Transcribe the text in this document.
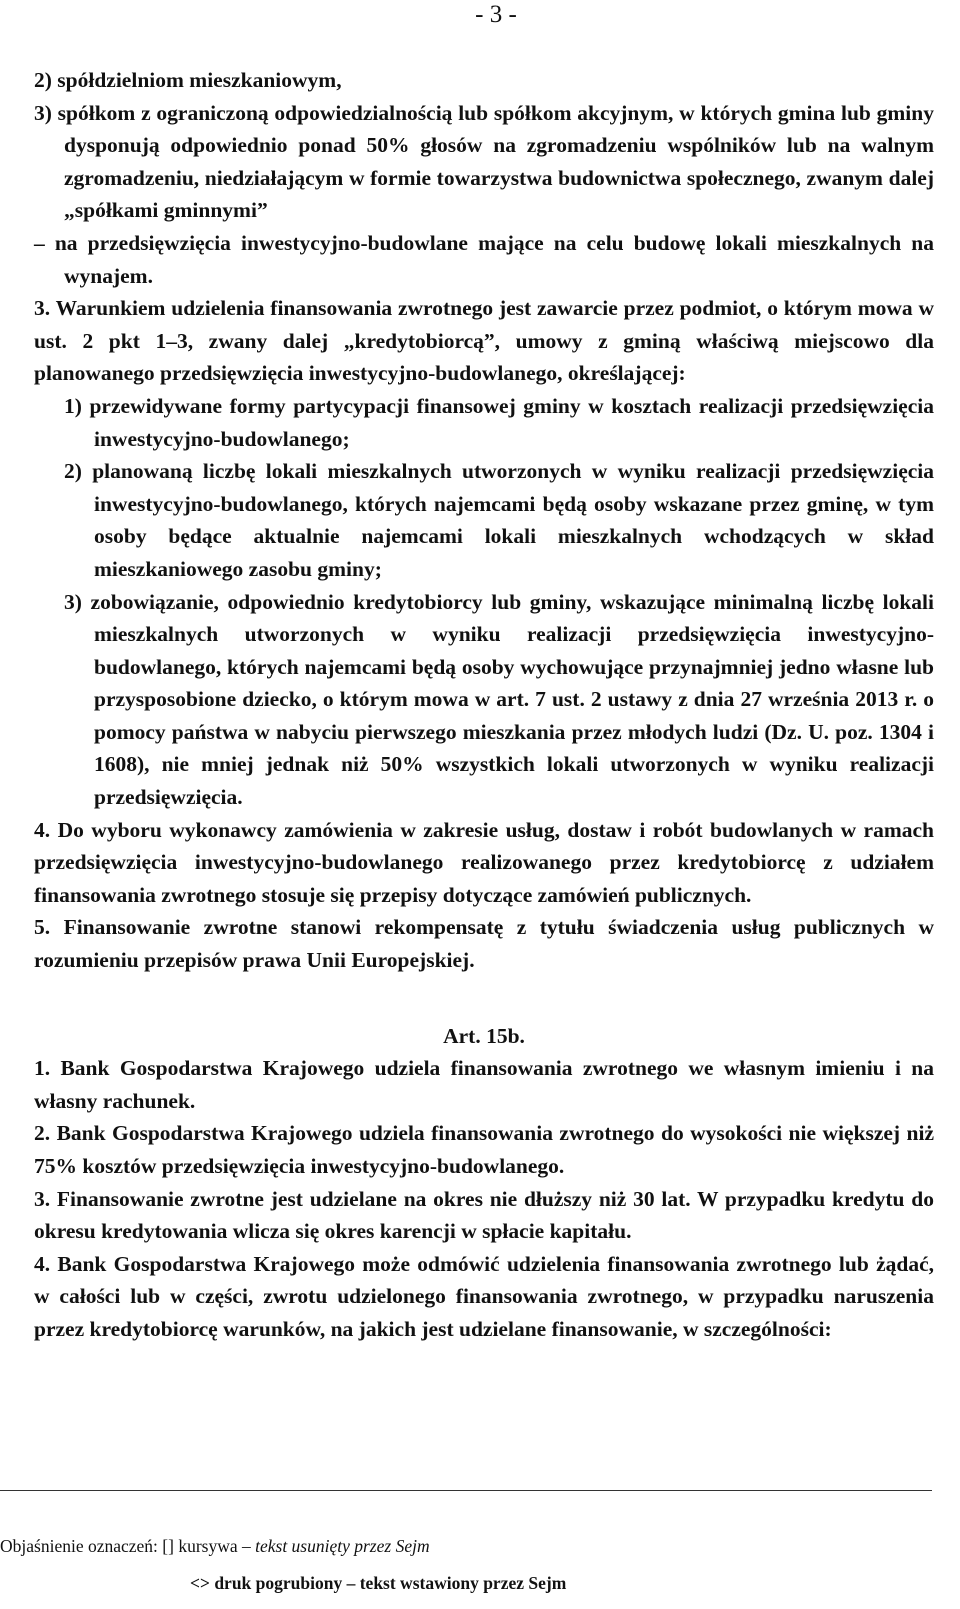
- 3 -

2) spółdzielniom mieszkaniowym,

3) spółkom z ograniczoną odpowiedzialnością lub spółkom akcyjnym, w których gmina lub gminy dysponują odpowiednio ponad 50% głosów na zgromadzeniu wspólników lub na walnym zgromadzeniu, niedziałającym w formie towarzystwa budownictwa społecznego, zwanym dalej „spółkami gminnymi”

– na przedsięwzięcia inwestycyjno-budowlane mające na celu budowę lokali mieszkalnych na wynajem.

3. Warunkiem udzielenia finansowania zwrotnego jest zawarcie przez podmiot, o którym mowa w ust. 2 pkt 1–3, zwany dalej „kredytobiorcą”, umowy z gminą właściwą miejscowo dla planowanego przedsięwzięcia inwestycyjno-budowlanego, określającej:

1) przewidywane formy partycypacji finansowej gminy w kosztach realizacji przedsięwzięcia inwestycyjno-budowlanego;

2) planowaną liczbę lokali mieszkalnych utworzonych w wyniku realizacji przedsięwzięcia inwestycyjno-budowlanego, których najemcami będą osoby wskazane przez gminę, w tym osoby będące aktualnie najemcami lokali mieszkalnych wchodzących w skład mieszkaniowego zasobu gminy;

3) zobowiązanie, odpowiednio kredytobiorcy lub gminy, wskazujące minimalną liczbę lokali mieszkalnych utworzonych w wyniku realizacji przedsięwzięcia inwestycyjno-budowlanego, których najemcami będą osoby wychowujące przynajmniej jedno własne lub przysposobione dziecko, o którym mowa w art. 7 ust. 2 ustawy z dnia 27 września 2013 r. o pomocy państwa w nabyciu pierwszego mieszkania przez młodych ludzi (Dz. U. poz. 1304 i 1608), nie mniej jednak niż 50% wszystkich lokali utworzonych w wyniku realizacji przedsięwzięcia.

4. Do wyboru wykonawcy zamówienia w zakresie usług, dostaw i robót budowlanych w ramach przedsięwzięcia inwestycyjno-budowlanego realizowanego przez kredytobiorcę z udziałem finansowania zwrotnego stosuje się przepisy dotyczące zamówień publicznych.

5. Finansowanie zwrotne stanowi rekompensatę z tytułu świadczenia usług publicznych w rozumieniu przepisów prawa Unii Europejskiej.

Art. 15b.

1. Bank Gospodarstwa Krajowego udziela finansowania zwrotnego we własnym imieniu i na własny rachunek.

2. Bank Gospodarstwa Krajowego udziela finansowania zwrotnego do wysokości nie większej niż 75% kosztów przedsięwzięcia inwestycyjno-budowlanego.

3. Finansowanie zwrotne jest udzielane na okres nie dłuższy niż 30 lat. W przypadku kredytu do okresu kredytowania wlicza się okres karencji w spłacie kapitału.

4. Bank Gospodarstwa Krajowego może odmówić udzielenia finansowania zwrotnego lub żądać, w całości lub w części, zwrotu udzielonego finansowania zwrotnego, w przypadku naruszenia przez kredytobiorcę warunków, na jakich jest udzielane finansowanie, w szczególności:

Objaśnienie oznaczeń: [] kursywa – tekst usunięty przez Sejm
<> druk pogrubiony – tekst wstawiony przez Sejm
